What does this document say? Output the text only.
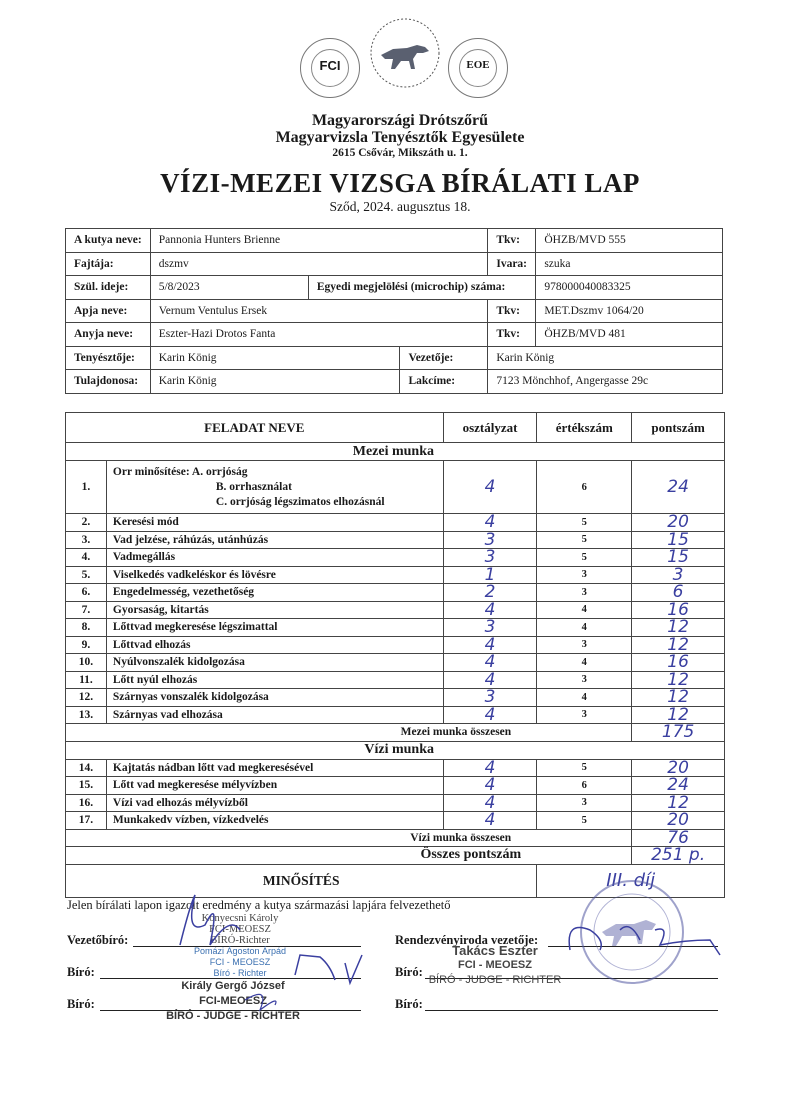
FCI	EOE
Magyarországi Drótszőrű
Magyarvizsla Tenyésztők Egyesülete
2615 Csővár, Mikszáth u. 1.
VÍZI-MEZEI VIZSGA BÍRÁLATI LAP
Sződ, 2024. augusztus 18.
A kutya neve:	Pannonia Hunters Brienne			Tkv:	ÖHZB/MVD 555
Fajtája:	dszmv			Ivara:	szuka
Szül. ideje:	5/8/2023	Egyedi megjelölési (microchip) száma:			978000040083325
Apja neve:	Vernum Ventulus Ersek			Tkv:	MET.Dszmv 1064/20
Anyja neve:	Eszter-Hazi Drotos Fanta			Tkv:	ÖHZB/MVD 481
Tenyésztője:	Karin König		Vezetője:	Karin König	
Tulajdonosa:	Karin König		Lakcíme:	7123 Mönchhof, Angergasse 29c	
FELADAT NEVE		osztályzat	értékszám	pontszám
Mezei munka				
1.	Orr minősítése: A. orrjóság
B. orrhasználat
C. orrjóság légszimatos elhozásnál	4	6	24
2.	Keresési mód	4	5	20
3.	Vad jelzése, ráhúzás, utánhúzás	3	5	15
4.	Vadmegállás	3	5	15
5.	Viselkedés vadkeléskor és lövésre	1	3	3
6.	Engedelmesség, vezethetőség	2	3	6
7.	Gyorsaság, kitartás	4	4	16
8.	Lőttvad megkeresése légszimattal	3	4	12
9.	Lőttvad elhozás	4	3	12
10.	Nyúlvonszalék kidolgozása	4	4	16
11.	Lőtt nyúl elhozás	4	3	12
12.	Szárnyas vonszalék kidolgozása	3	4	12
13.	Szárnyas vad elhozása	4	3	12
Mezei munka összesen				175
Vízi munka				
14.	Kajtatás nádban lőtt vad megkeresésével	4	5	20
15.	Lőtt vad megkeresése mélyvízben	4	6	24
16.	Vízi vad elhozás mélyvízből	4	3	12
17.	Munkakedv vízben, vízkedvelés	4	5	20
Vízi munka összesen				76
Összes pontszám				251 p.
MINŐSÍTÉS			III. díj	
Jelen bírálati lapon igazolt eredmény a kutya származási lapjára felvezethető
Vezetőbíró:
Bíró:
Bíró:
Rendezvényiroda vezetője:
Bíró:
Bíró:
Konyecsni Károly
FCI-MEOESZ
BÍRÓ-Richter
Pomázi Ágoston Árpád
FCI - MEOESZ
Bíró - Richter
Király Gergő József
FCI-MEOESZ
BÍRÓ - JUDGE - RICHTER
Takács Eszter
FCI - MEOESZ
BÍRÓ - JUDGE - RICHTER
